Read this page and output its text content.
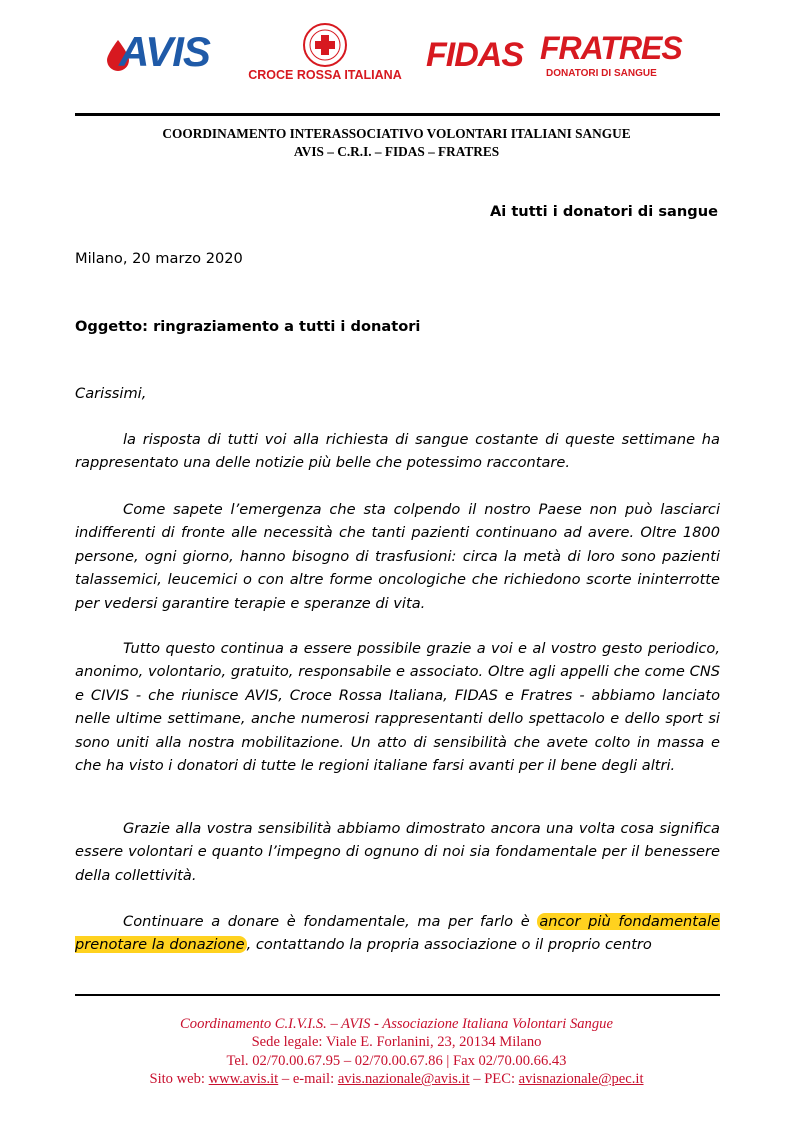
AVIS	CROCE ROSSA ITALIANA
FIDAS FRATRES
DONATORI DI SANGUE
COORDINAMENTO INTERASSOCIATIVO VOLONTARI ITALIANI SANGUE
AVIS – C.R.I. – FIDAS – FRATRES
Ai tutti i donatori di sangue
Milano, 20 marzo 2020
Oggetto: ringraziamento a tutti i donatori
Carissimi,

la risposta di tutti voi alla richiesta di sangue costante di queste settimane ha rappresentato una delle notizie più belle che potessimo raccontare.

Come sapete l’emergenza che sta colpendo il nostro Paese non può lasciarci indifferenti di fronte alle necessità che tanti pazienti continuano ad avere. Oltre 1800 persone, ogni giorno, hanno bisogno di trasfusioni: circa la metà di loro sono pazienti talassemici, leucemici o con altre forme oncologiche che richiedono scorte ininterrotte per vedersi garantire terapie e speranze di vita.

Tutto questo continua a essere possibile grazie a voi e al vostro gesto periodico, anonimo, volontario, gratuito, responsabile e associato. Oltre agli appelli che come CNS e CIVIS - che riunisce AVIS, Croce Rossa Italiana, FIDAS e Fratres - abbiamo lanciato nelle ultime settimane, anche numerosi rappresentanti dello spettacolo e dello sport si sono uniti alla nostra mobilitazione. Un atto di sensibilità che avete colto in massa e che ha visto i donatori di tutte le regioni italiane farsi avanti per il bene degli altri.

Grazie alla vostra sensibilità abbiamo dimostrato ancora una volta cosa significa essere volontari e quanto l’impegno di ognuno di noi sia fondamentale per il benessere della collettività.

Continuare a donare è fondamentale, ma per farlo è ancor più fondamentale prenotare la donazione , contattando la propria associazione o il proprio centro

Coordinamento C.I.V.I.S. – AVIS - Associazione Italiana Volontari Sangue
Sede legale: Viale E. Forlanini, 23, 20134 Milano
Tel. 02/70.00.67.95 – 02/70.00.67.86 | Fax 02/70.00.66.43
Sito web: www.avis.it – e-mail: avis.nazionale@avis.it – PEC: avisnazionale@pec.it
